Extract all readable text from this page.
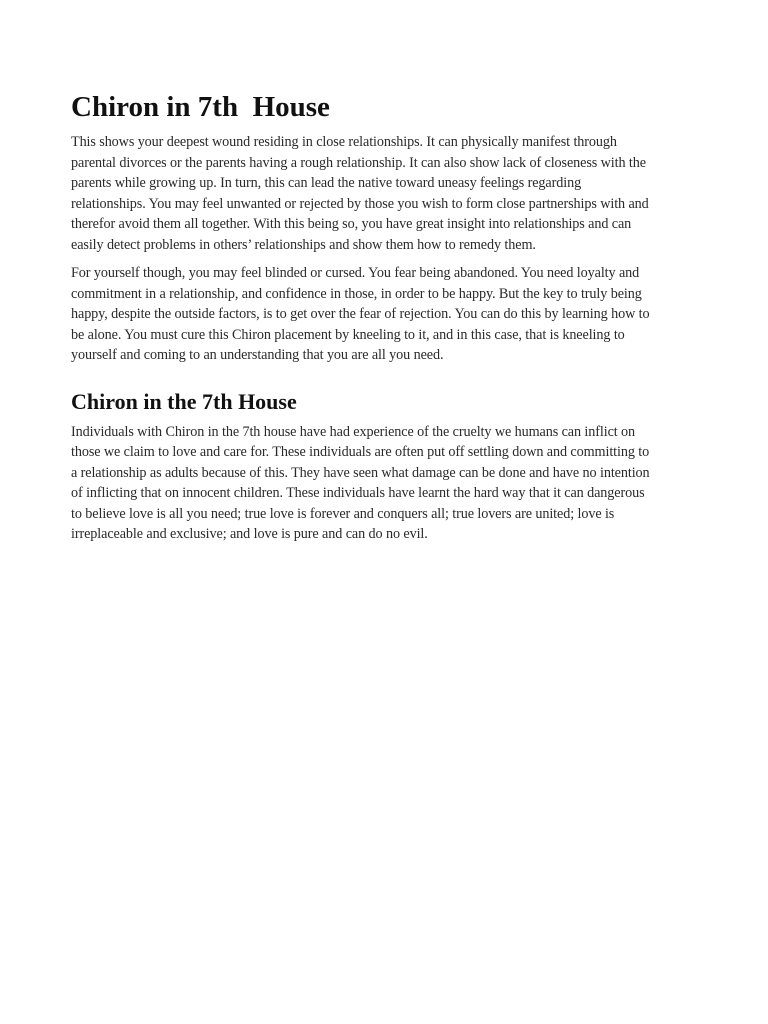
Chiron in 7th  House

This shows your deepest wound residing in close relationships. It can physically manifest through
parental divorces or the parents having a rough relationship. It can also show lack of closeness with the
parents while growing up. In turn, this can lead the native toward uneasy feelings regarding
relationships. You may feel unwanted or rejected by those you wish to form close partnerships with and
therefor avoid them all together. With this being so, you have great insight into relationships and can
easily detect problems in others’ relationships and show them how to remedy them.

For yourself though, you may feel blinded or cursed. You fear being abandoned. You need loyalty and
commitment in a relationship, and confidence in those, in order to be happy. But the key to truly being
happy, despite the outside factors, is to get over the fear of rejection. You can do this by learning how to
be alone. You must cure this Chiron placement by kneeling to it, and in this case, that is kneeling to
yourself and coming to an understanding that you are all you need.

Chiron in the 7th House

Individuals with Chiron in the 7th house have had experience of the cruelty we humans can inflict on
those we claim to love and care for. These individuals are often put off settling down and committing to
a relationship as adults because of this. They have seen what damage can be done and have no intention
of inflicting that on innocent children. These individuals have learnt the hard way that it can dangerous
to believe love is all you need; true love is forever and conquers all; true lovers are united; love is
irreplaceable and exclusive; and love is pure and can do no evil.
